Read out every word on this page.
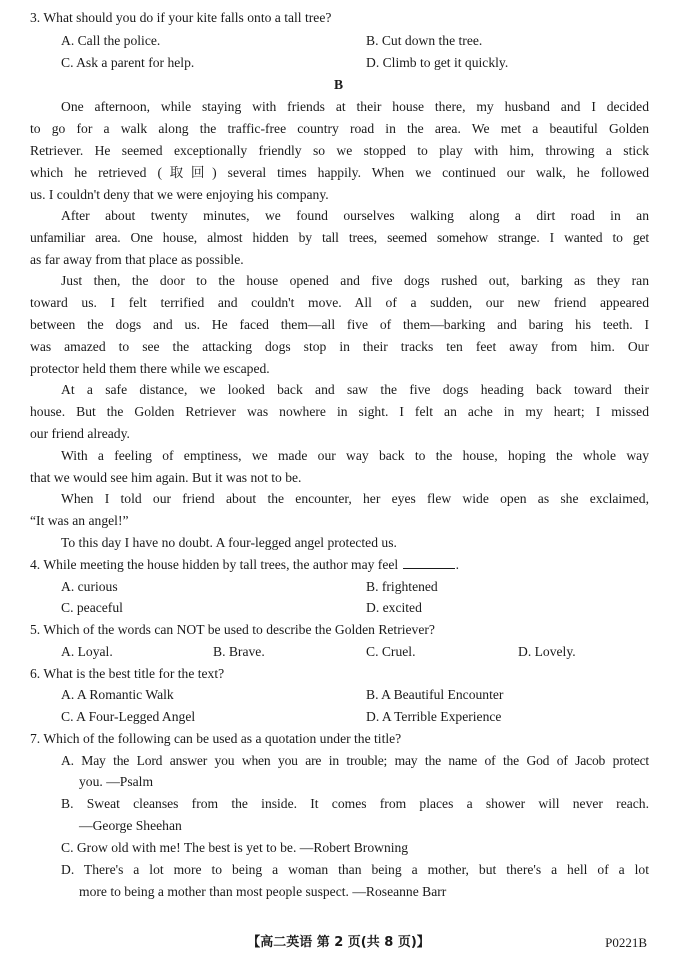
3. What should you do if your kite falls onto a tall tree?
A. Call the police.	B. Cut down the tree.
C. Ask a parent for help.	D. Climb to get it quickly.
B
One afternoon, while staying with friends at their house there, my husband and I decided
to go for a walk along the traffic-free country road in the area. We met a beautiful Golden
Retriever. He seemed exceptionally friendly so we stopped to play with him, throwing a stick
which he retrieved (取回) several times happily. When we continued our walk, he followed
us. I couldn't deny that we were enjoying his company.
After about twenty minutes, we found ourselves walking along a dirt road in an
unfamiliar area. One house, almost hidden by tall trees, seemed somehow strange. I wanted to get
as far away from that place as possible.
Just then, the door to the house opened and five dogs rushed out, barking as they ran
toward us. I felt terrified and couldn't move. All of a sudden, our new friend appeared
between the dogs and us. He faced them—all five of them—barking and baring his teeth. I
was amazed to see the attacking dogs stop in their tracks ten feet away from him. Our
protector held them there while we escaped.
At a safe distance, we looked back and saw the five dogs heading back toward their
house. But the Golden Retriever was nowhere in sight. I felt an ache in my heart; I missed
our friend already.
With a feeling of emptiness, we made our way back to the house, hoping the whole way
that we would see him again. But it was not to be.
When I told our friend about the encounter, her eyes flew wide open as she exclaimed,
“It was an angel!”
To this day I have no doubt. A four-legged angel protected us.
4. While meeting the house hidden by tall trees, the author may feel	.
A. curious	B. frightened
C. peaceful	D. excited
5. Which of the words can NOT be used to describe the Golden Retriever?
A. Loyal.	B. Brave.	C. Cruel.	D. Lovely.
6. What is the best title for the text?
A. A Romantic Walk	B. A Beautiful Encounter
C. A Four-Legged Angel	D. A Terrible Experience
7. Which of the following can be used as a quotation under the title?
A. May the Lord answer you when you are in trouble; may the name of the God of Jacob protect
you. —Psalm
B. Sweat cleanses from the inside. It comes from places a shower will never reach.
—George Sheehan
C. Grow old with me! The best is yet to be. —Robert Browning
D. There's a lot more to being a woman than being a mother, but there's a hell of a lot
more to being a mother than most people suspect. —Roseanne Barr
【高二英语 第 2 页(共 8 页)】	P0221B
